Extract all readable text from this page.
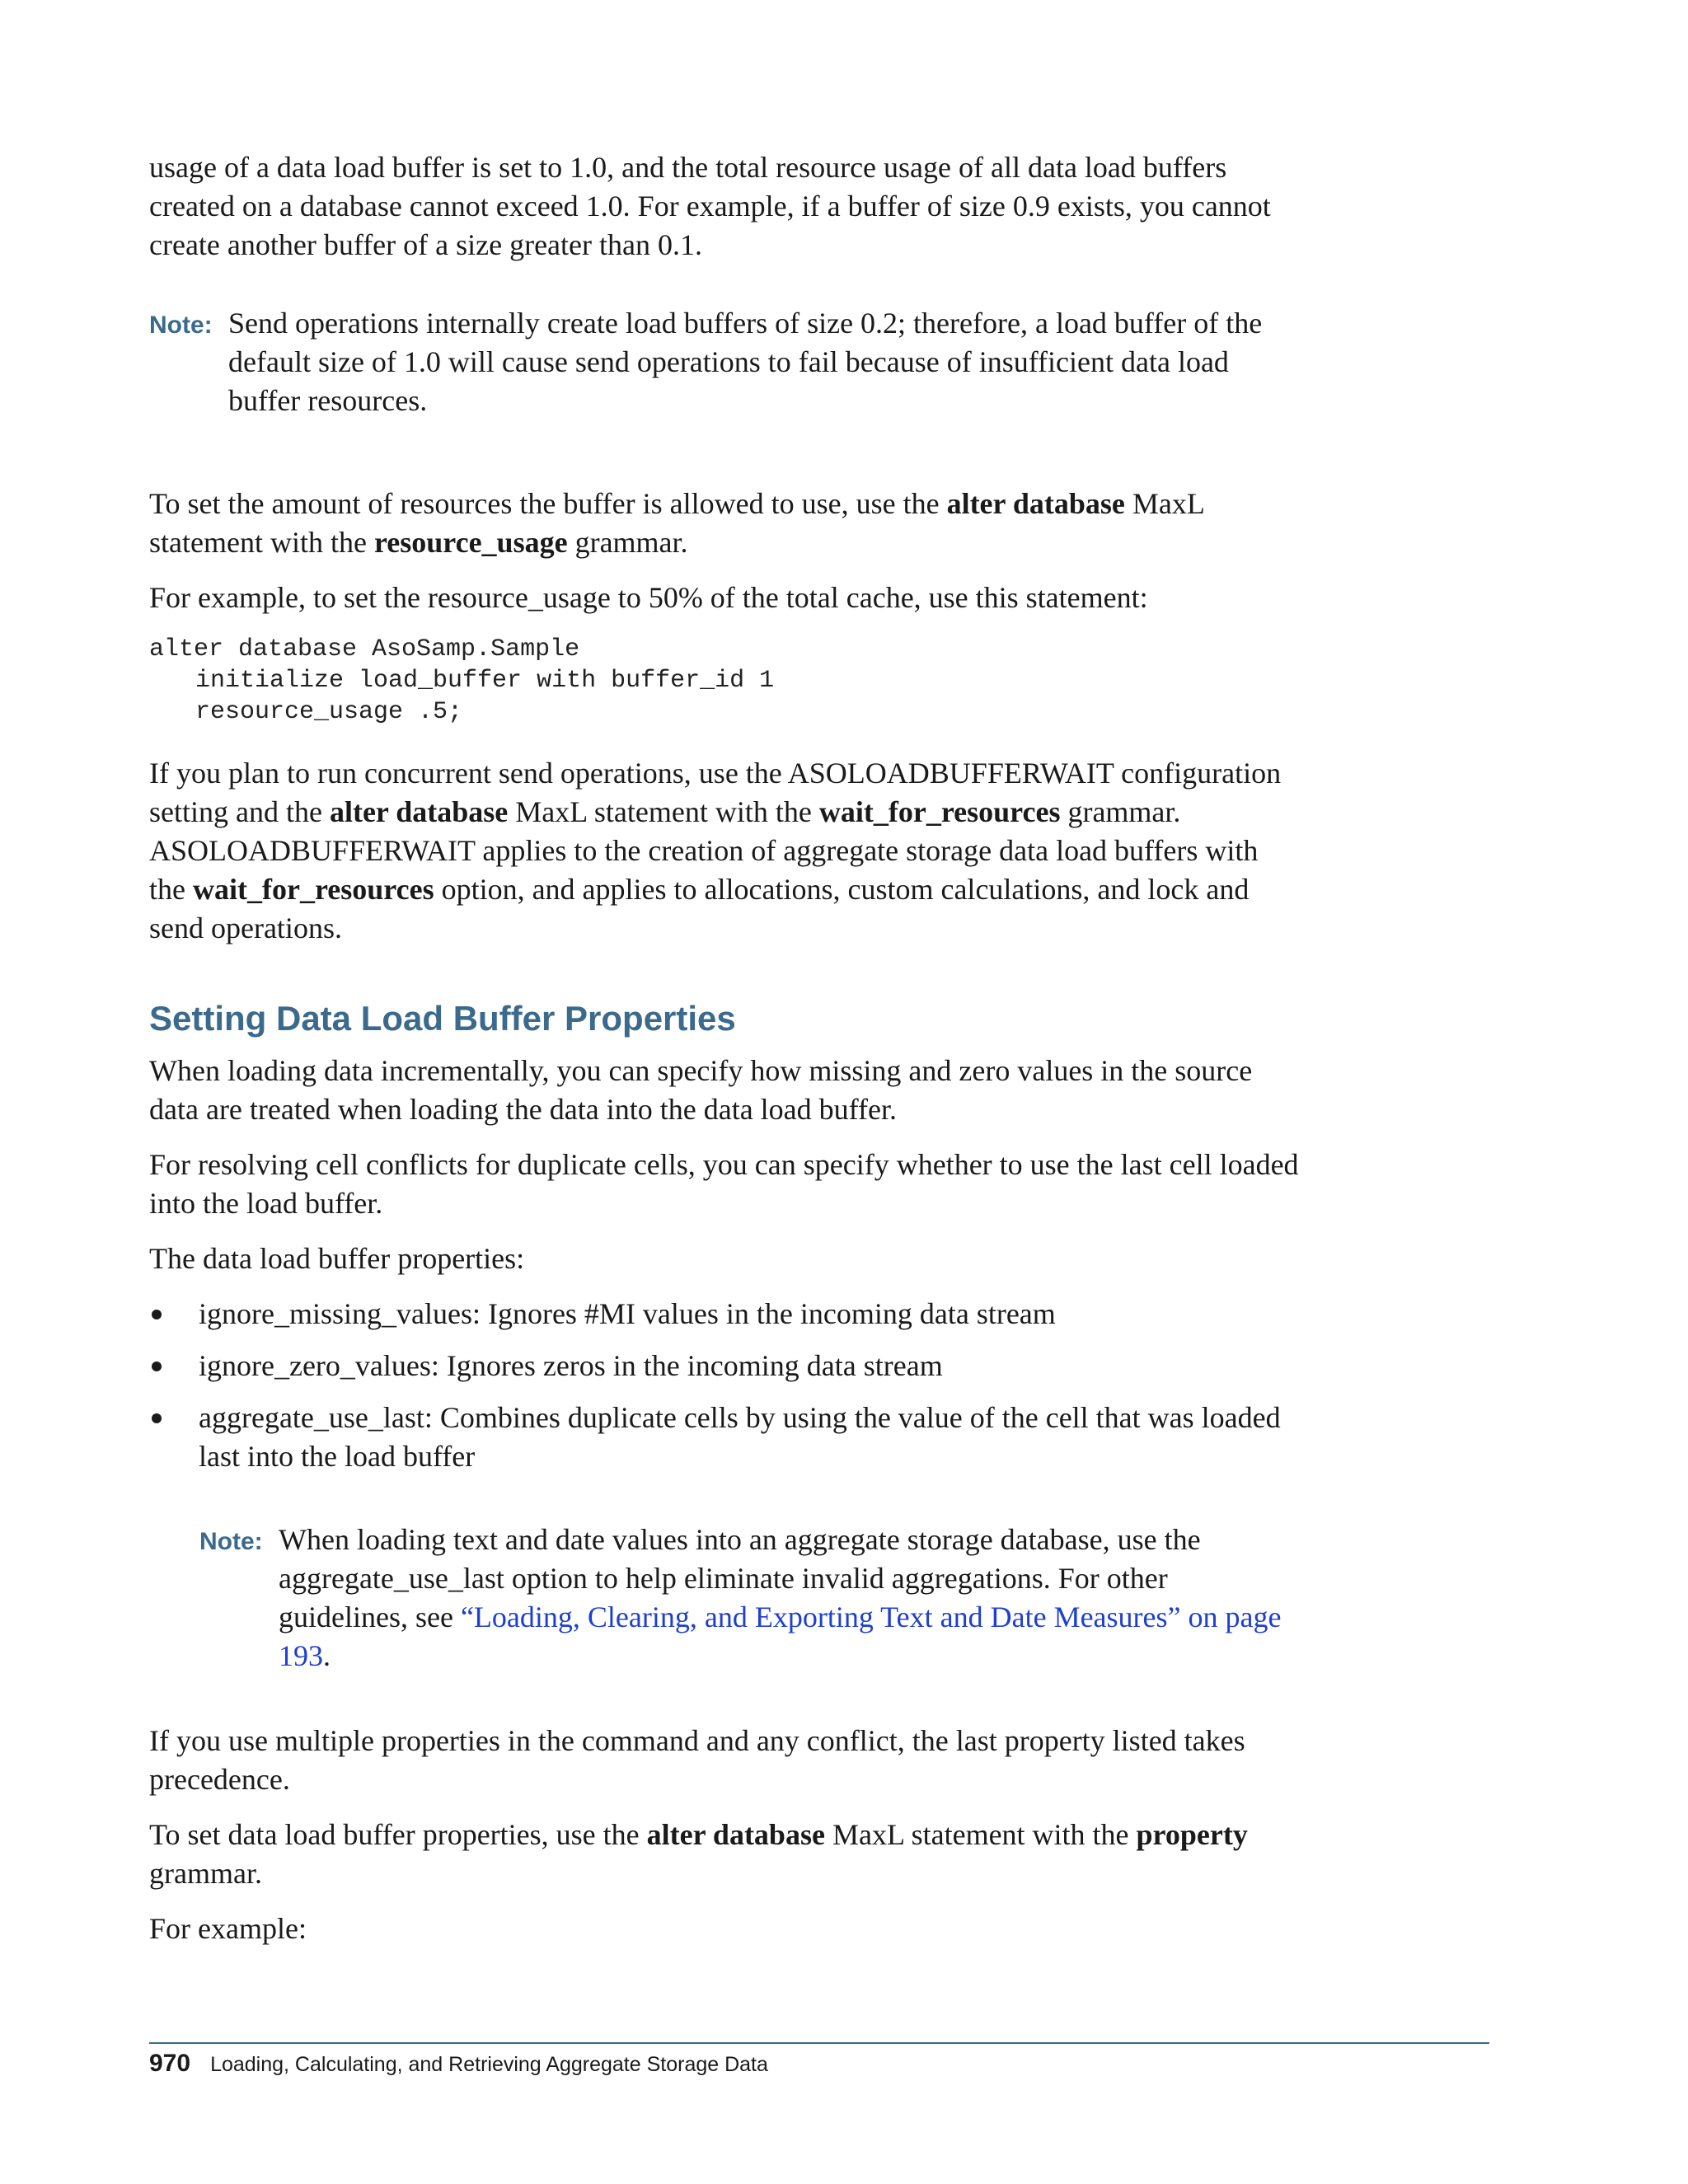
usage of a data load buffer is set to 1.0, and the total resource usage of all data load buffers created on a database cannot exceed 1.0. For example, if a buffer of size 0.9 exists, you cannot create another buffer of a size greater than 0.1.

Note: Send operations internally create load buffers of size 0.2; therefore, a load buffer of the default size of 1.0 will cause send operations to fail because of insufficient data load buffer resources.

To set the amount of resources the buffer is allowed to use, use the alter database MaxL statement with the resource_usage grammar.

For example, to set the resource_usage to 50% of the total cache, use this statement:

alter database AsoSamp.Sample
initialize load_buffer with buffer_id 1
resource_usage .5;

If you plan to run concurrent send operations, use the ASOLOADBUFFERWAIT configuration setting and the alter database MaxL statement with the wait_for_resources grammar. ASOLOADBUFFERWAIT applies to the creation of aggregate storage data load buffers with the wait_for_resources option, and applies to allocations, custom calculations, and lock and send operations.

Setting Data Load Buffer Properties

When loading data incrementally, you can specify how missing and zero values in the source data are treated when loading the data into the data load buffer.

For resolving cell conflicts for duplicate cells, you can specify whether to use the last cell loaded into the load buffer.

The data load buffer properties:

ignore_missing_values: Ignores #MI values in the incoming data stream
ignore_zero_values: Ignores zeros in the incoming data stream
aggregate_use_last: Combines duplicate cells by using the value of the cell that was loaded last into the load buffer
Note: When loading text and date values into an aggregate storage database, use the aggregate_use_last option to help eliminate invalid aggregations. For other guidelines, see “Loading, Clearing, and Exporting Text and Date Measures” on page 193.

If you use multiple properties in the command and any conflict, the last property listed takes precedence.

To set data load buffer properties, use the alter database MaxL statement with the property grammar.

For example:

970 Loading, Calculating, and Retrieving Aggregate Storage Data
